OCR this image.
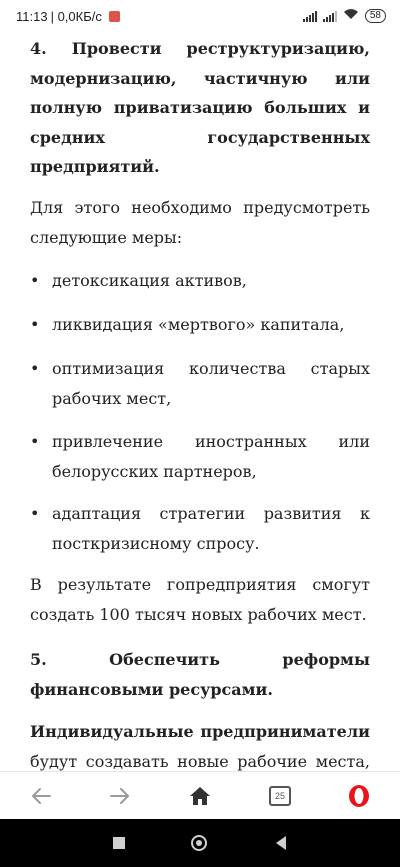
11:13 | 0,0КБ/с	58

4. Провести реструктуризацию, модернизацию, частичную или полную приватизацию больших и средних государственных предприятий.

Для этого необходимо предусмотреть следующие меры:

• детоксикация активов,

• ликвидация «мертвого» капитала,

• оптимизация количества старых рабочих мест,

• привлечение иностранных или белорусских партнеров,

• адаптация стратегии развития к посткризисному спросу.

В результате гопредприятия смогут создать 100 тысяч новых рабочих мест.

5. Обеспечить реформы финансовыми ресурсами.

Индивидуальные предприниматели будут создавать новые рабочие места,

25
